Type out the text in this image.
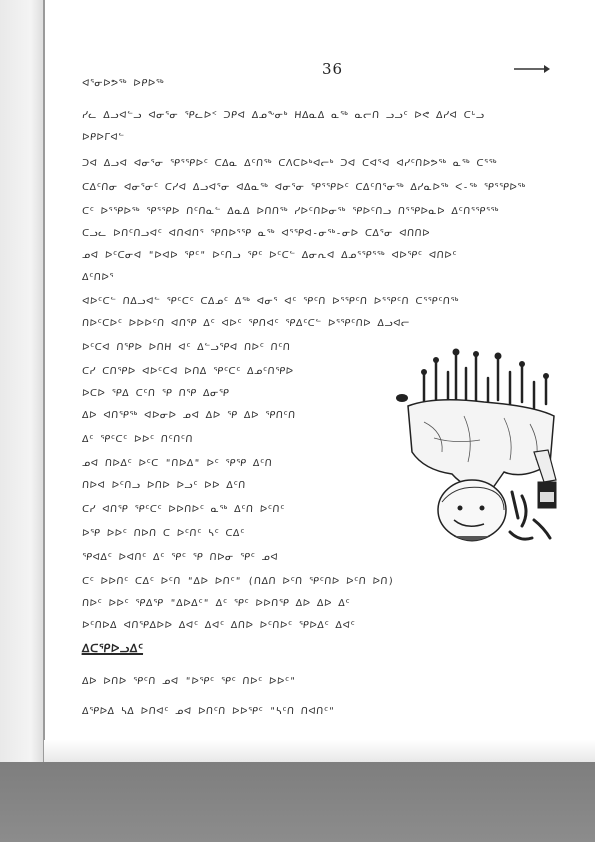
36
ᐊᕐᓂᐅᕗᖅ ᐅᑭᐅᖅ
ᓯᓚ ᐃᓗᐊᓪᓗ ᐊᓂᕐᓂ ᕿᓚᐅᑉ ᑐᑭᐊ ᐃᓄᖕᓂᒃ ᕼᐃᓇᐃ ᓇᖅ ᓇᓕᑎ ᓗᓗᑦ ᐅᕙ ᐃᓯᐊ ᑕᒡᓗ
ᐅᑭᐅᒥᐊᓪ
ᑐᐊ ᐃᓗᐊ ᐊᓂᕐᓂ ᕿᕐᕿᐅᑦ ᑕᐃᓇ ᐃᑦᑎᖅ ᑕᐱᑕᐅᒃᐊᓕᒃ ᑐᐊ ᑕᐊᕐᐊ ᐊᓯᑦᑎᐅᕗᖅ ᓇᖅ ᑕᕐᖅ
ᑕᐃᑦᑎᓂ ᐊᓂᕐᓂᑦ ᑕᓯᐊ ᐃᓗᐊᕐᓂ ᐊᐃᓇᖅ ᐊᓂᕐᓂ ᕿᕐᕿᐅᑦ ᑕᐃᑦᑎᕐᓂᖅ ᐃᓯᓇᐅᖅ ᐸ-ᖅ ᕿᕐᕿᐅᖅ
ᑕᑦ ᐅᕐᕿᐅᖅ ᕿᕐᕿᐅ ᑎᑦᑎᓇᓪ ᐃᓇᐃ ᐅᑎᑎᖅ ᓯᐅᑦᑎᐅᓂᖅ ᕿᐅᑦᑎᓗ ᑎᕐᕿᐅᓇᐅ ᐃᑦᑎᕐᕿᕐᖅ
ᑕᓗᓚ ᐅᑎᑦᑎᓗᐊᑦ ᐊᑎᐊᑎᕐ ᕿᑎᐅᕐᕿ ᓇᖅ ᐊᕐᕿᐊ-ᓂᖅ-ᓂᐅ ᑕᐃᕐᓂ ᐊᑎᑎᐅ
ᓄᐊ ᐅᑦᑕᓂᐊ "ᐅᐊᐅ ᕿᑦ" ᐅᑦᑎᓗ ᕿᑦ ᐅᑦᑕᓪ ᐃᓂᕆᐊ ᐃᓄᕐᕿᕐᖅ ᐊᐅᕿᑦ ᐊᑎᐅᑦ
ᐃᑦᑎᐅᕐ
ᐊᐅᑦᑕᓪ ᑎᐃᓗᐊᓪ ᕿᑦᑕᑦ ᑕᐃᓄᑦ ᐃᖅ ᐊᓂᕐ ᐊᑦ ᕿᑦᑎ ᐅᕐᕿᑦᑎ ᐅᕐᕿᑦᑎ ᑕᕐᕿᑦᑎᖅ
ᑎᐅᑦᑕᐅᑦ ᐅᐅᐅᑦᑎ ᐊᑎᕿ ᐃᑦ ᐊᐅᑦ ᕿᑎᐊᑦ ᕿᐃᑦᑕᓪ ᐅᕐᕿᑦᑎᐅ ᐃᓗᐊᓕ
ᐅᑦᑕᐊ ᑎᕿᐅ ᐅᑎᕼ ᐊᑦ ᐃᓪᓗᕿᐊ ᑎᐅᑦ ᑎᑦᑎ
ᑕᓯ ᑕᑎᕿᐅ ᐊᐅᑦᑕᐊ ᐅᑎᐃ ᕿᑦᑕᑦ ᐃᓄᑦᑎᕿᐅ
ᐅᑕᐅ ᕿᐃ ᑕᑦᑎ ᕿ ᑎᕿ ᐃᓂᕿ
ᐃᐅ ᐊᑎᕿᖅ ᐊᐅᓂᐅ ᓄᐊ ᐃᐅ ᕿ ᐃᐅ ᕿᑎᑦᑎ
ᐃᑦ ᕿᑦᑕᑦ ᐅᐅᑦ ᑎᑦᑎᑦᑎ
ᓄᐊ ᑎᐅᐃᑦ ᐅᑦᑕ "ᑎᐅᐃ" ᐅᑦ ᕿᕿ ᐃᑦᑎ
ᑎᐅᐊ ᐅᑦᑎᓗ ᐅᑎᐅ ᐅᓗᑦ ᐅᐅ ᐃᑦᑎ
ᑕᓯ ᐊᑎᕿ ᕿᑦᑕᑦ ᐅᐅᑎᐅᑦ ᓇᖅ ᐃᑦᑎ ᐅᑦᑎᑦ
ᐅᕿ ᐅᐅᑦ ᑎᐅᑎ ᑕ ᐅᑦᑎᑦ ᓴᑦ ᑕᐃᑦ
ᕿᐊᐃᑦ ᐅᐊᑎᑦ ᐃᑦ ᕿᑦ ᕿ ᑎᐅᓂ ᕿᑦ ᓄᐊ
ᑕᑦ ᐅᐅᑎᑦ ᑕᐃᑦ ᐅᑦᑎ "ᐃᐅ ᐅᑎᑦ" (ᑎᐃᑎ ᐅᑦᑎ ᕿᑦᑎᐅ ᐅᑦᑎ ᐅᑎ)
ᑎᐅᑦ ᐅᐅᑦ ᕿᐃᕿ "ᐃᐅᐃᑦ" ᐃᑦ ᕿᑦ ᐅᐅᑎᕿ ᐃᐅ ᐃᐅ ᐃᑦ
ᐅᑦᑎᐅᐃ ᐊᑎᕿᐃᐅᐅ ᐃᐊᑦ ᐃᐊᑦ ᐃᑎᐅ ᐅᑦᑎᐅᑦ ᕿᐅᐃᑦ ᐃᐊᑦ
ᐃᑕᕿᐅᓗᐃᑦ
ᐃᐅ ᐅᑎᐅ ᕿᑦᑎ ᓄᐊ "ᐅᕿᑦ ᕿᑦ ᑎᐅᑦ ᐅᐅᑦ"
ᐃᕿᐅᐃ ᓴᐃ ᐅᑎᐊᑦ ᓄᐊ ᐅᑎᑦᑎ ᐅᐅᕿᑦ "ᓴᑦᑎ ᑎᐊᑎᑦ"
